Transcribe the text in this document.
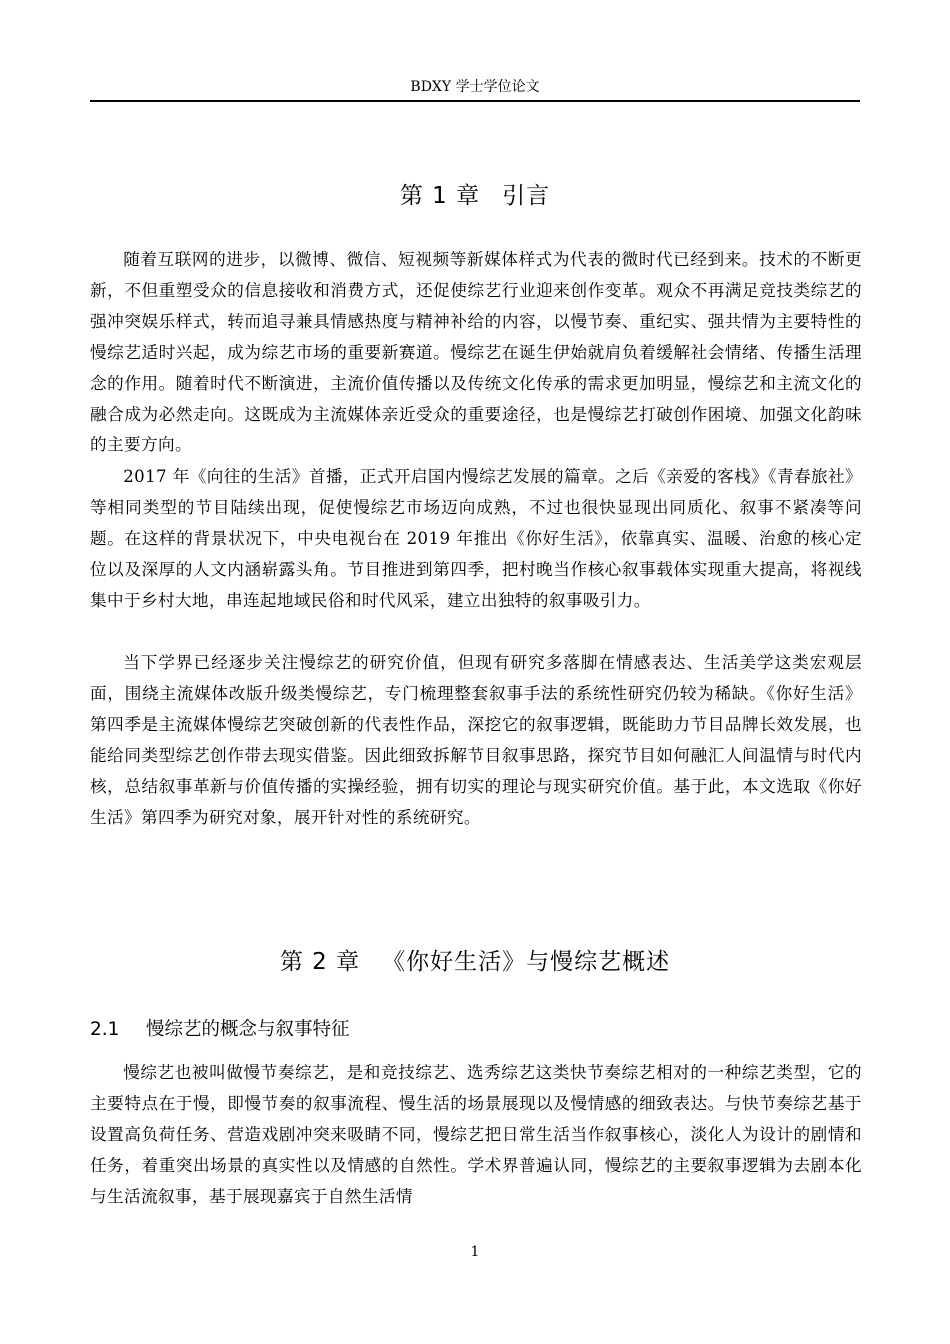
BDXY 学士学位论文
第 1 章 引言

随着互联网的进步，以微博、微信、短视频等新媒体样式为代表的微时代已经到来。技术的不断更新，不但重塑受众的信息接收和消费方式，还促使综艺行业迎来创作变革。观众不再满足竞技类综艺的强冲突娱乐样式，转而追寻兼具情感热度与精神补给的内容，以慢节奏、重纪实、强共情为主要特性的慢综艺适时兴起，成为综艺市场的重要新赛道。慢综艺在诞生伊始就肩负着缓解社会情绪、传播生活理念的作用。随着时代不断演进，主流价值传播以及传统文化传承的需求更加明显，慢综艺和主流文化的融合成为必然走向。这既成为主流媒体亲近受众的重要途径，也是慢综艺打破创作困境、加强文化韵味的主要方向。

2017 年《向往的生活》首播，正式开启国内慢综艺发展的篇章。之后《亲爱的客栈》《青春旅社》等相同类型的节目陆续出现，促使慢综艺市场迈向成熟，不过也很快显现出同质化、叙事不紧凑等问题。在这样的背景状况下，中央电视台在 2019 年推出《你好生活》，依靠真实、温暖、治愈的核心定位以及深厚的人文内涵崭露头角。节目推进到第四季，把村晚当作核心叙事载体实现重大提高，将视线集中于乡村大地，串连起地域民俗和时代风采，建立出独特的叙事吸引力。

当下学界已经逐步关注慢综艺的研究价值，但现有研究多落脚在情感表达、生活美学这类宏观层面，围绕主流媒体改版升级类慢综艺，专门梳理整套叙事手法的系统性研究仍较为稀缺。《你好生活》第四季是主流媒体慢综艺突破创新的代表性作品，深挖它的叙事逻辑，既能助力节目品牌长效发展，也能给同类型综艺创作带去现实借鉴。因此细致拆解节目叙事思路，探究节目如何融汇人间温情与时代内核，总结叙事革新与价值传播的实操经验，拥有切实的理论与现实研究价值。基于此，本文选取《你好生活》第四季为研究对象，展开针对性的系统研究。

第 2 章 《你好生活》与慢综艺概述
2.1 慢综艺的概念与叙事特征

慢综艺也被叫做慢节奏综艺，是和竞技综艺、选秀综艺这类快节奏综艺相对的一种综艺类型，它的主要特点在于慢，即慢节奏的叙事流程、慢生活的场景展现以及慢情感的细致表达。与快节奏综艺基于设置高负荷任务、营造戏剧冲突来吸睛不同，慢综艺把日常生活当作叙事核心，淡化人为设计的剧情和任务，着重突出场景的真实性以及情感的自然性。学术界普遍认同，慢综艺的主要叙事逻辑为去剧本化与生活流叙事，基于展现嘉宾于自然生活情

1
